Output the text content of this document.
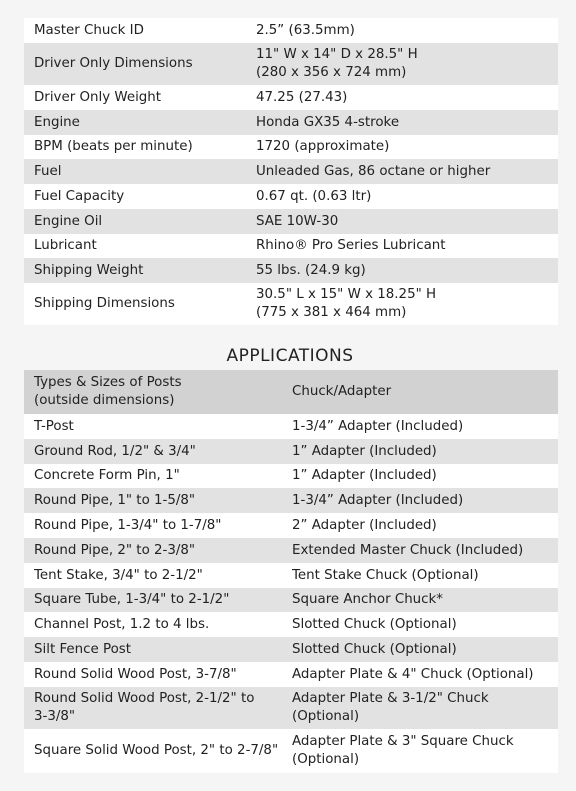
Master Chuck ID	2.5” (63.5mm)

Driver Only Dimensions	11" W x 14" D x 28.5" H
(280 x 356 x 724 mm)

Driver Only Weight	47.25 (27.43)

Engine	Honda GX35 4-stroke

BPM (beats per minute)	1720 (approximate)

Fuel	Unleaded Gas, 86 octane or higher

Fuel Capacity	0.67 qt. (0.63 ltr)

Engine Oil	SAE 10W-30

Lubricant	Rhino® Pro Series Lubricant

Shipping Weight	55 lbs. (24.9 kg)

Shipping Dimensions	30.5" L x 15" W x 18.25" H
(775 x 381 x 464 mm)
APPLICATIONS
Types & Sizes of Posts
(outside dimensions)	Chuck/Adapter

T-Post	1-3/4” Adapter (Included)

Ground Rod, 1/2" & 3/4"	1” Adapter (Included)

Concrete Form Pin, 1"	1” Adapter (Included)

Round Pipe, 1" to 1-5/8"	1-3/4” Adapter (Included)

Round Pipe, 1-3/4" to 1-7/8"	2” Adapter (Included)

Round Pipe, 2" to 2-3/8"	Extended Master Chuck (Included)

Tent Stake, 3/4" to 2-1/2"	Tent Stake Chuck (Optional)

Square Tube, 1-3/4" to 2-1/2"	Square Anchor Chuck*

Channel Post, 1.2 to 4 lbs.	Slotted Chuck (Optional)

Silt Fence Post	Slotted Chuck (Optional)

Round Solid Wood Post, 3-7/8"	Adapter Plate & 4" Chuck (Optional)

Round Solid Wood Post, 2-1/2" to
3-3/8"	Adapter Plate & 3-1/2" Chuck (Optional)

Square Solid Wood Post, 2" to 2-7/8"	Adapter Plate & 3" Square Chuck
(Optional)
